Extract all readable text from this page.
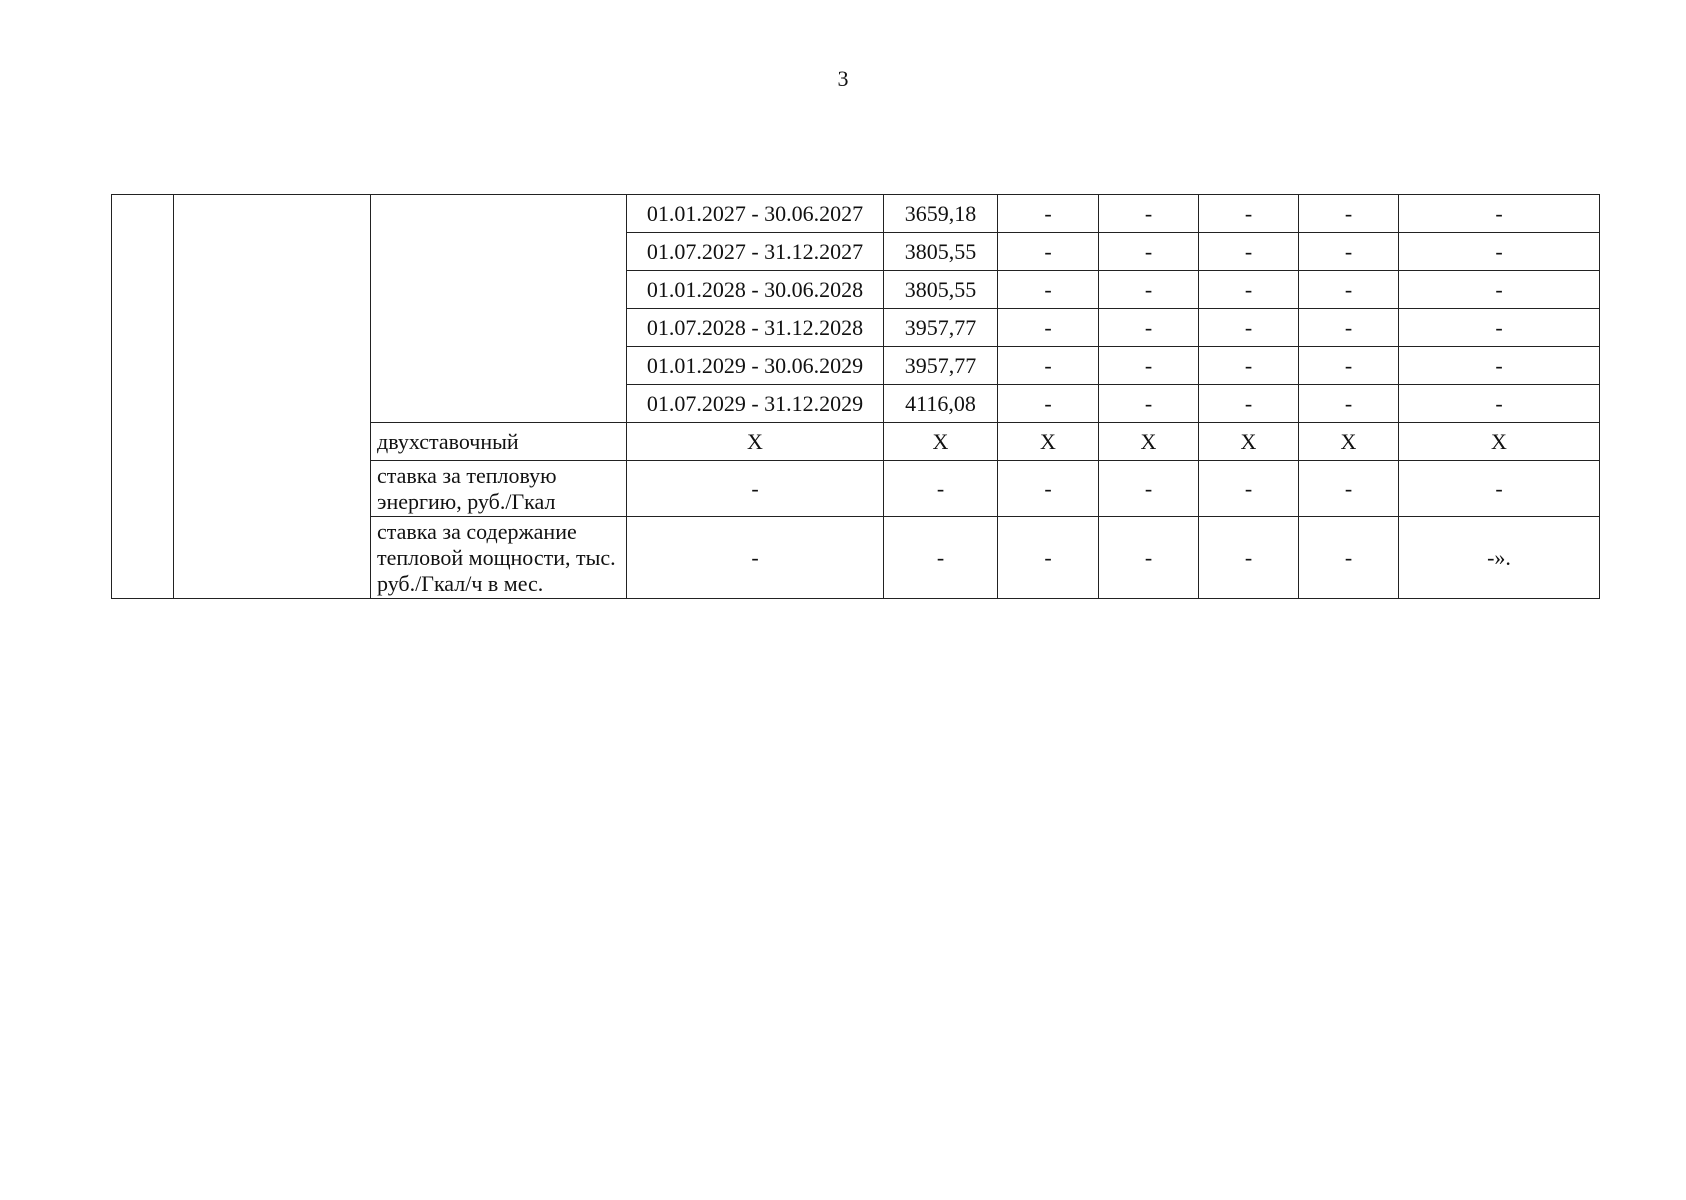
3
			01.01.2027 - 30.06.2027	3659,18	-	-	-	-	-
			01.07.2027 - 31.12.2027	3805,55	-	-	-	-	-
			01.01.2028 - 30.06.2028	3805,55	-	-	-	-	-
			01.07.2028 - 31.12.2028	3957,77	-	-	-	-	-
			01.01.2029 - 30.06.2029	3957,77	-	-	-	-	-
			01.07.2029 - 31.12.2029	4116,08	-	-	-	-	-
		двухставочный	X	X	X	X	X	X	X
		ставка за тепловую энергию, руб./Гкал	-	-	-	-	-	-	-
		ставка за содержание тепловой мощности, тыс. руб./Гкал/ч в мес.	-	-	-	-	-	-	-».
